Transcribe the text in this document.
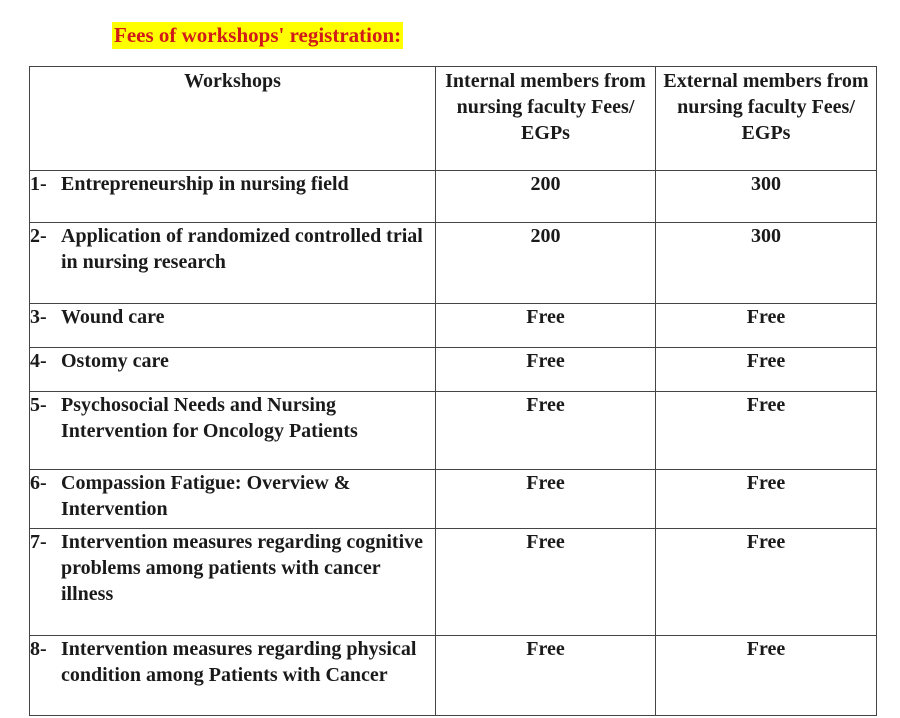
Fees of workshops' registration:
Workshops	Internal members from nursing faculty Fees/ EGPs	External members from nursing faculty Fees/ EGPs

1- Entrepreneurship in nursing field	200	300

2- Application of randomized controlled trial in nursing research	200	300

3- Wound care	Free	Free

4- Ostomy care	Free	Free

5- Psychosocial Needs and Nursing Intervention for Oncology Patients	Free	Free

6- Compassion Fatigue: Overview & Intervention	Free	Free

7- Intervention measures regarding cognitive problems among patients with cancer illness	Free	Free

8- Intervention measures regarding physical condition among Patients with Cancer	Free	Free
